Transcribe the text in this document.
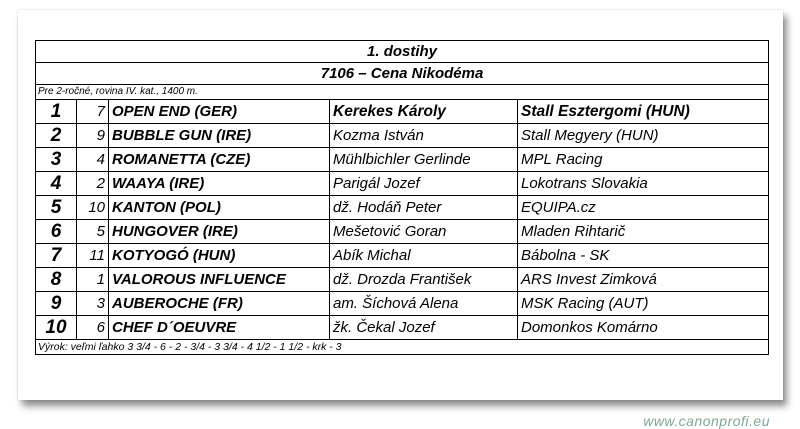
1. dostihy				
7106 – Cena Nikodéma				
Pre 2-ročné, rovina IV. kat., 1400 m.				
1	7	OPEN END (GER)	Kerekes Károly	Stall Esztergomi (HUN)
2	9	BUBBLE GUN (IRE)	Kozma István	Stall Megyery (HUN)
3	4	ROMANETTA (CZE)	Mühlbichler Gerlinde	MPL Racing
4	2	WAAYA (IRE)	Parigál Jozef	Lokotrans Slovakia
5	10	KANTON (POL)	dž. Hodáň Peter	EQUIPA.cz
6	5	HUNGOVER (IRE)	Mešetović Goran	Mladen Rihtarič
7	11	KOTYOGÓ (HUN)	Abík Michal	Bábolna - SK
8	1	VALOROUS INFLUENCE	dž. Drozda František	ARS Invest Zimková
9	3	AUBEROCHE (FR)	am. Šíchová Alena	MSK Racing (AUT)
10	6	CHEF D´OEUVRE	žk. Čekal Jozef	Domonkos Komárno
Výrok: veľmi ľahko 3 3/4 - 6 - 2 - 3/4 - 3 3/4 - 4 1/2 - 1 1/2 - krk - 3				
www.canonprofi.eu
